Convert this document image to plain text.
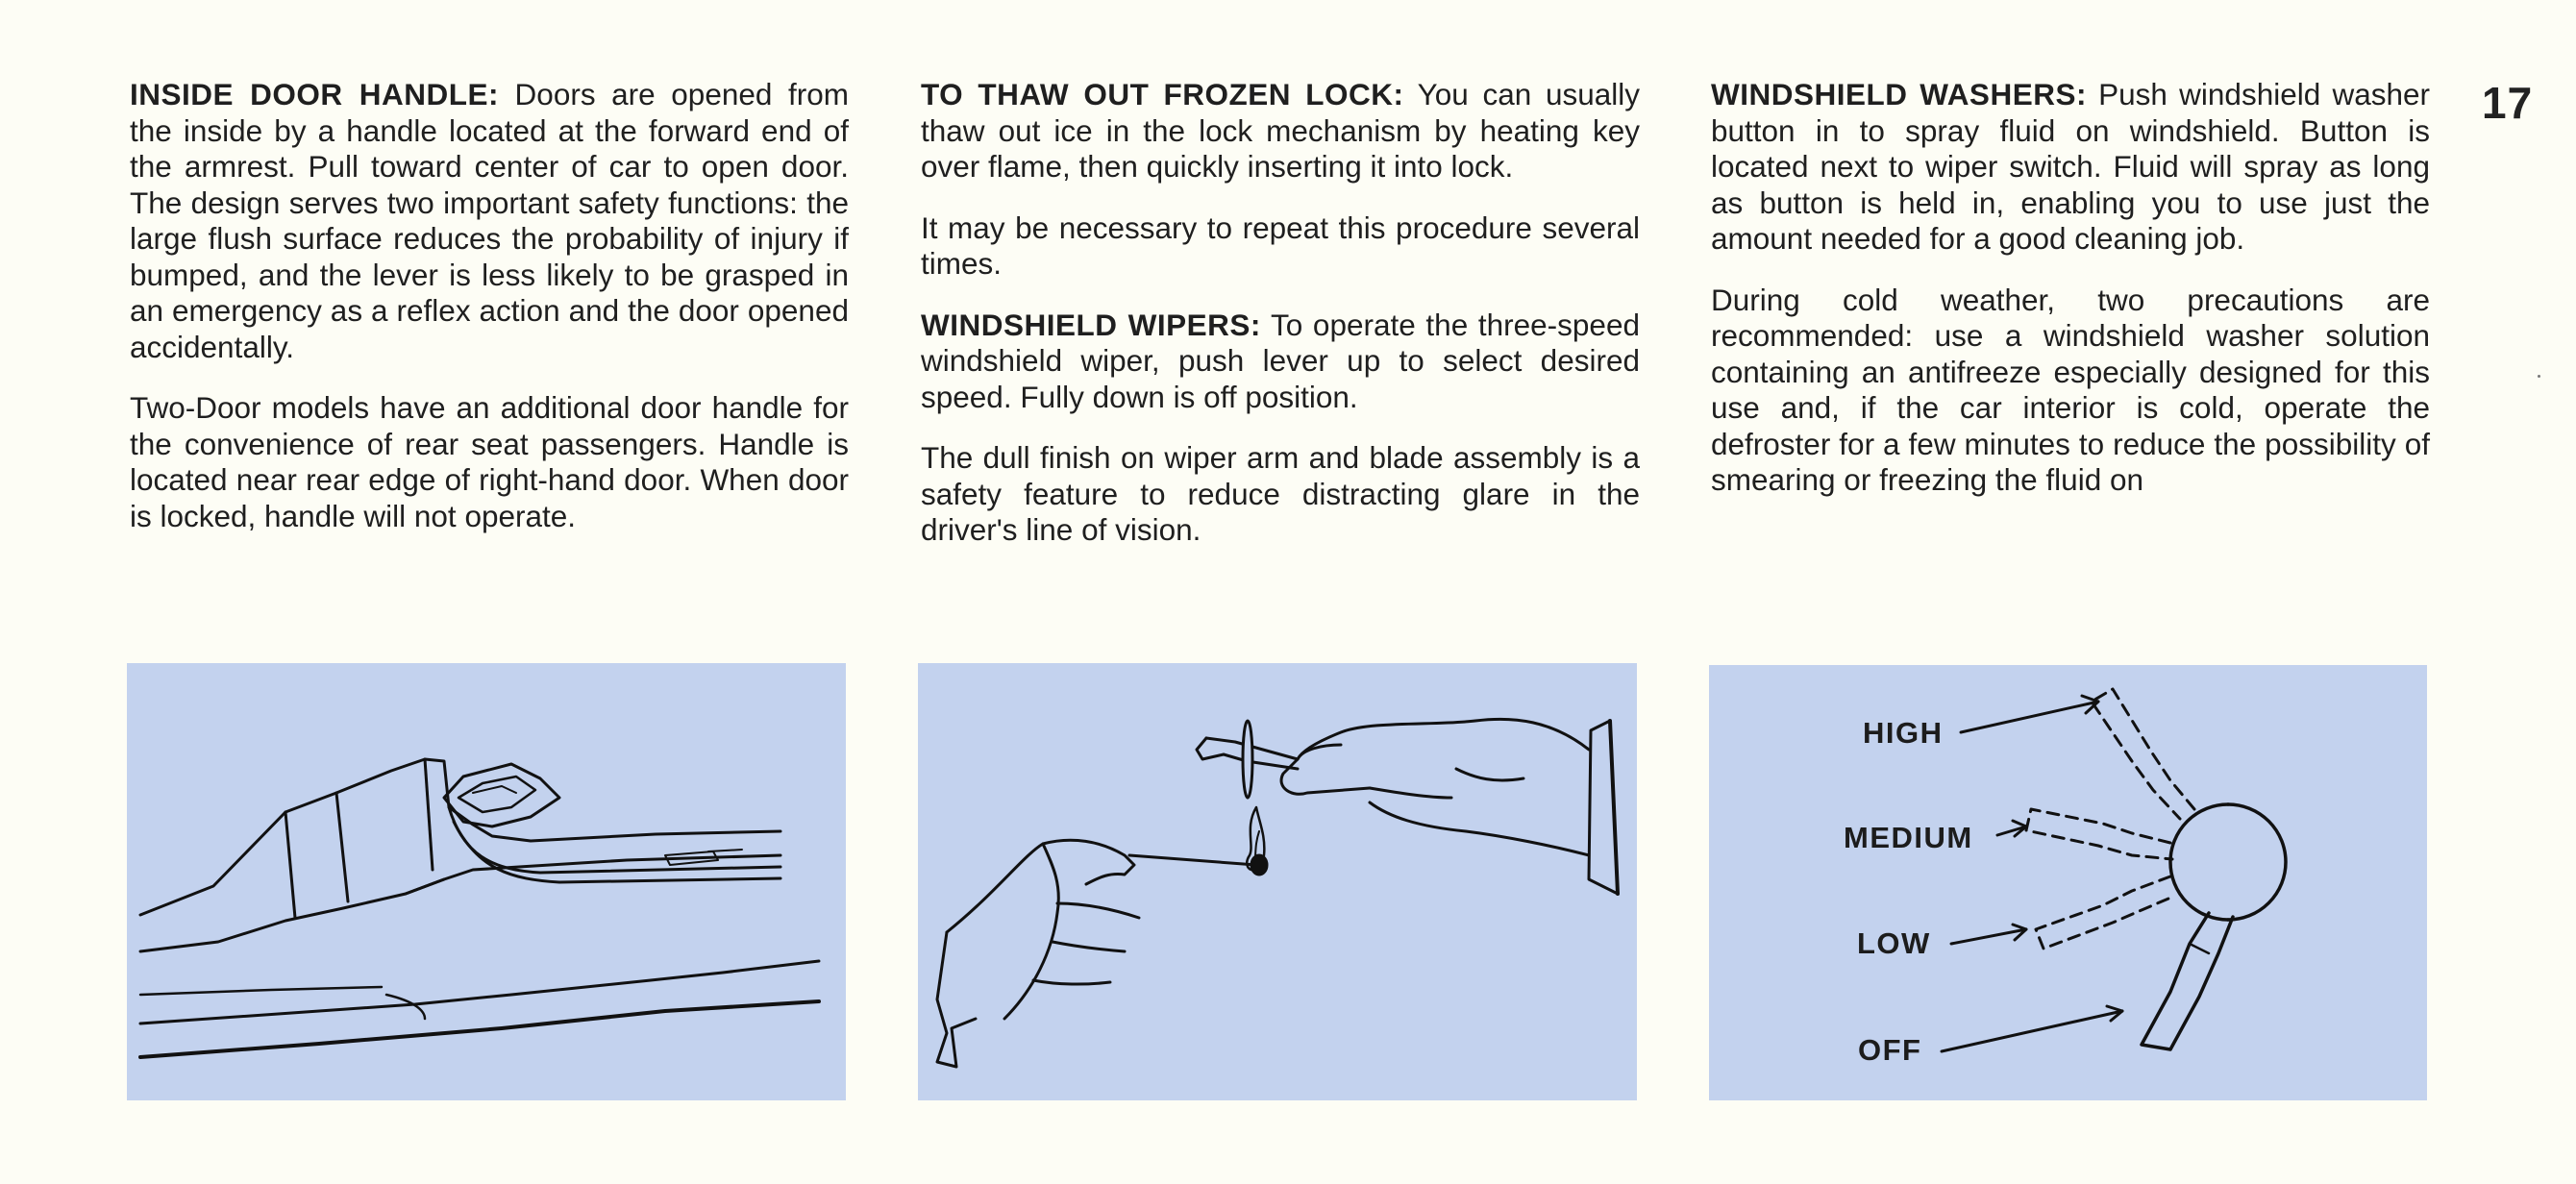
17

INSIDE DOOR HANDLE: Doors are opened from the inside by a handle located at the forward end of the armrest. Pull toward center of car to open door. The design serves two important safety functions: the large flush surface reduces the probability of injury if bumped, and the lever is less likely to be grasped in an emergency as a reflex action and the door opened accidentally.

Two-Door models have an additional door handle for the convenience of rear seat passengers. Handle is located near rear edge of right-hand door. When door is locked, handle will not operate.

TO THAW OUT FROZEN LOCK: You can usually thaw out ice in the lock mechanism by heating key over flame, then quickly inserting it into lock.

It may be necessary to repeat this procedure several times.

WINDSHIELD WIPERS: To operate the three-speed windshield wiper, push lever up to select desired speed. Fully down is off position.

The dull finish on wiper arm and blade assembly is a safety feature to reduce distracting glare in the driver's line of vision.

WINDSHIELD WASHERS: Push windshield washer button in to spray fluid on windshield. Button is located next to wiper switch. Fluid will spray as long as button is held in, enabling you to use just the amount needed for a good cleaning job.

During cold weather, two precautions are recommended: use a windshield washer solution containing an antifreeze especially designed for this use and, if the car interior is cold, operate the defroster for a few minutes to reduce the possibility of smearing or freezing the fluid on

HIGH
MEDIUM
LOW
OFF
